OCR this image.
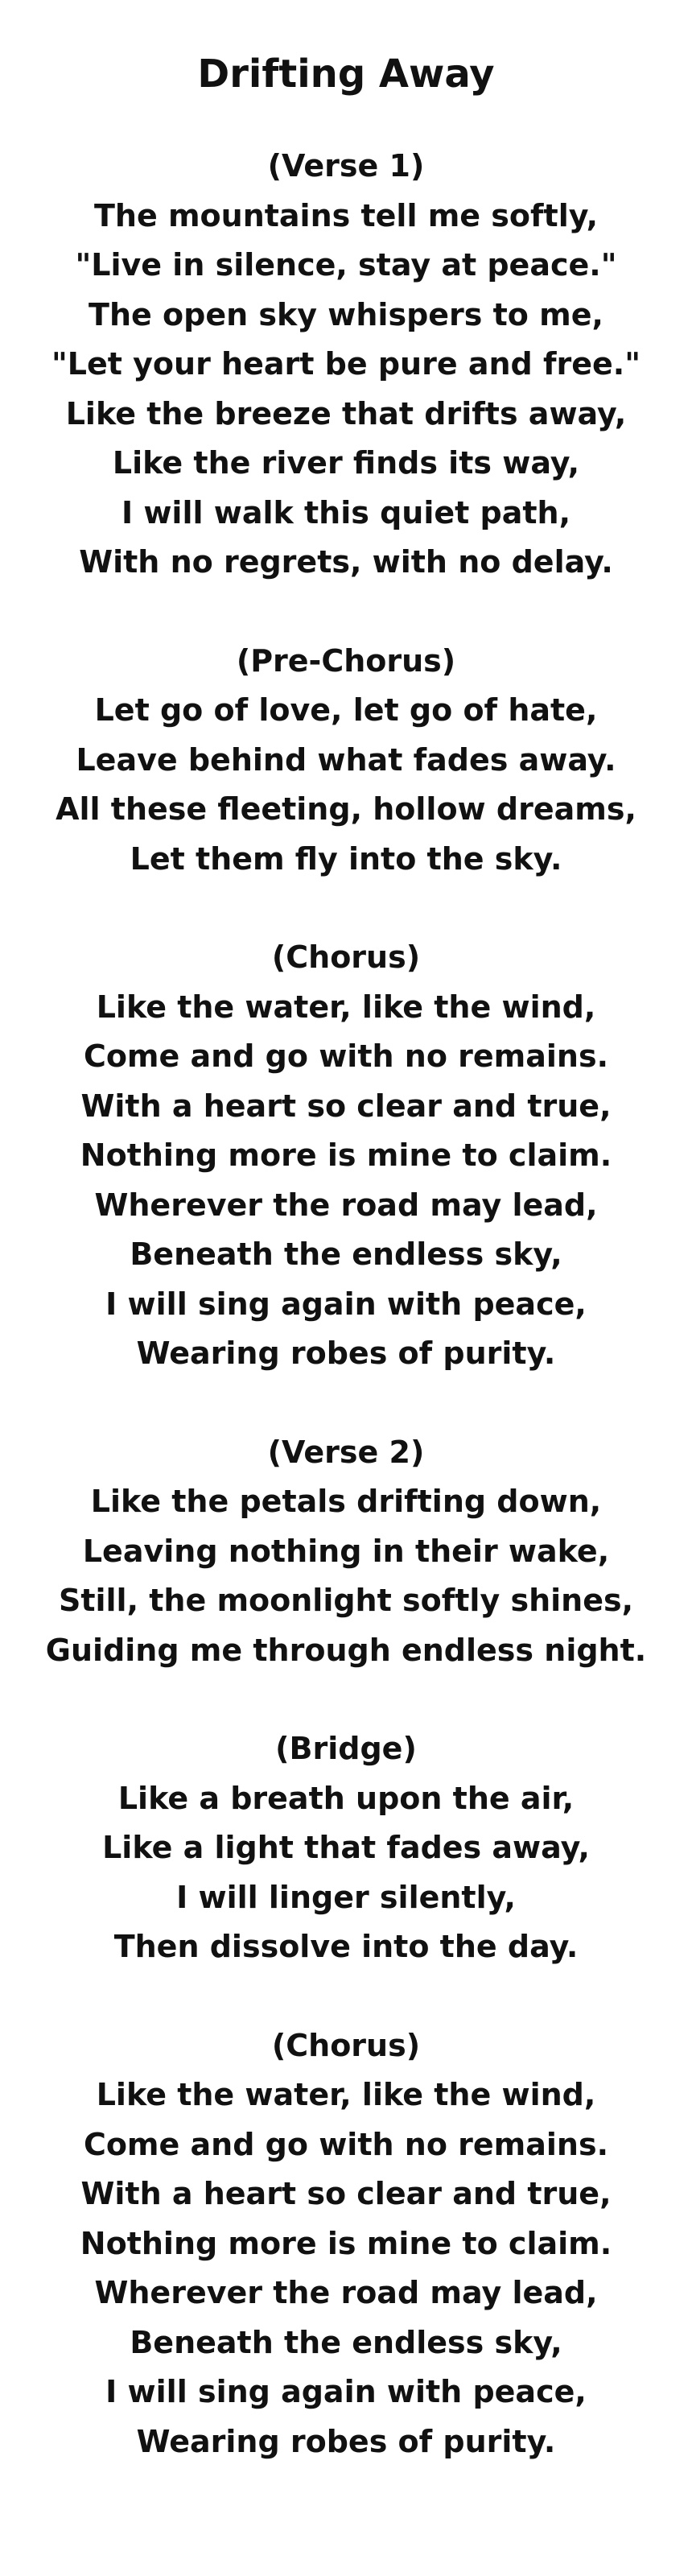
Drifting Away
(Verse 1)
The mountains tell me softly,
"Live in silence, stay at peace."
The open sky whispers to me,
"Let your heart be pure and free."
Like the breeze that drifts away,
Like the river finds its way,
I will walk this quiet path,
With no regrets, with no delay.
(Pre-Chorus)
Let go of love, let go of hate,
Leave behind what fades away.
All these fleeting, hollow dreams,
Let them fly into the sky.
(Chorus)
Like the water, like the wind,
Come and go with no remains.
With a heart so clear and true,
Nothing more is mine to claim.
Wherever the road may lead,
Beneath the endless sky,
I will sing again with peace,
Wearing robes of purity.
(Verse 2)
Like the petals drifting down,
Leaving nothing in their wake,
Still, the moonlight softly shines,
Guiding me through endless night.
(Bridge)
Like a breath upon the air,
Like a light that fades away,
I will linger silently,
Then dissolve into the day.
(Chorus)
Like the water, like the wind,
Come and go with no remains.
With a heart so clear and true,
Nothing more is mine to claim.
Wherever the road may lead,
Beneath the endless sky,
I will sing again with peace,
Wearing robes of purity.
